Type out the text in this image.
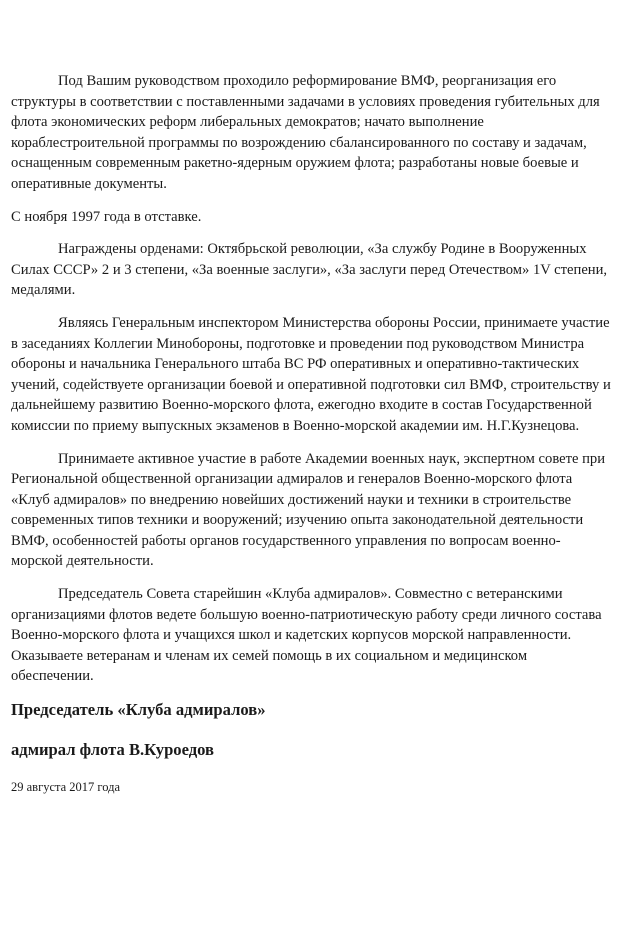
Под Вашим руководством проходило реформирование ВМФ, реорганизация его структуры в соответствии с поставленными задачами в условиях проведения губительных для флота экономических реформ либеральных демократов; начато выполнение кораблестроительной программы по возрождению сбалансированного по составу и задачам, оснащенным современным ракетно-ядерным оружием флота; разработаны новые боевые и оперативные документы.

С ноября 1997 года в отставке.

Награждены орденами: Октябрьской революции, «За службу Родине в Вооруженных Силах СССР» 2 и 3 степени, «За военные заслуги», «За заслуги перед Отечеством» 1V степени, медалями.

Являясь Генеральным инспектором Министерства обороны России, принимаете участие в заседаниях Коллегии Минобороны, подготовке и проведении под руководством Министра обороны и начальника Генерального штаба ВС РФ оперативных и оперативно-тактических учений, содействуете организации боевой и оперативной подготовки сил ВМФ, строительству и дальнейшему развитию Военно-морского флота, ежегодно входите в состав Государственной комиссии по приему выпускных экзаменов в Военно-морской академии им. Н.Г.Кузнецова.

Принимаете активное участие в работе Академии военных наук, экспертном совете при Региональной общественной организации адмиралов и генералов Военно-морского флота «Клуб адмиралов» по внедрению новейших достижений науки и техники в строительстве современных типов техники и вооружений; изучению опыта законодательной деятельности ВМФ, особенностей работы органов государственного управления по вопросам военно-морской деятельности.

Председатель Совета старейшин «Клуба адмиралов». Совместно с ветеранскими организациями флотов ведете большую военно-патриотическую работу среди личного состава Военно-морского флота и учащихся школ и кадетских корпусов морской направленности. Оказываете ветеранам и членам их семей помощь в их социальном и медицинском обеспечении.

Председатель «Клуба адмиралов»

адмирал флота В.Куроедов

29 августа 2017 года
